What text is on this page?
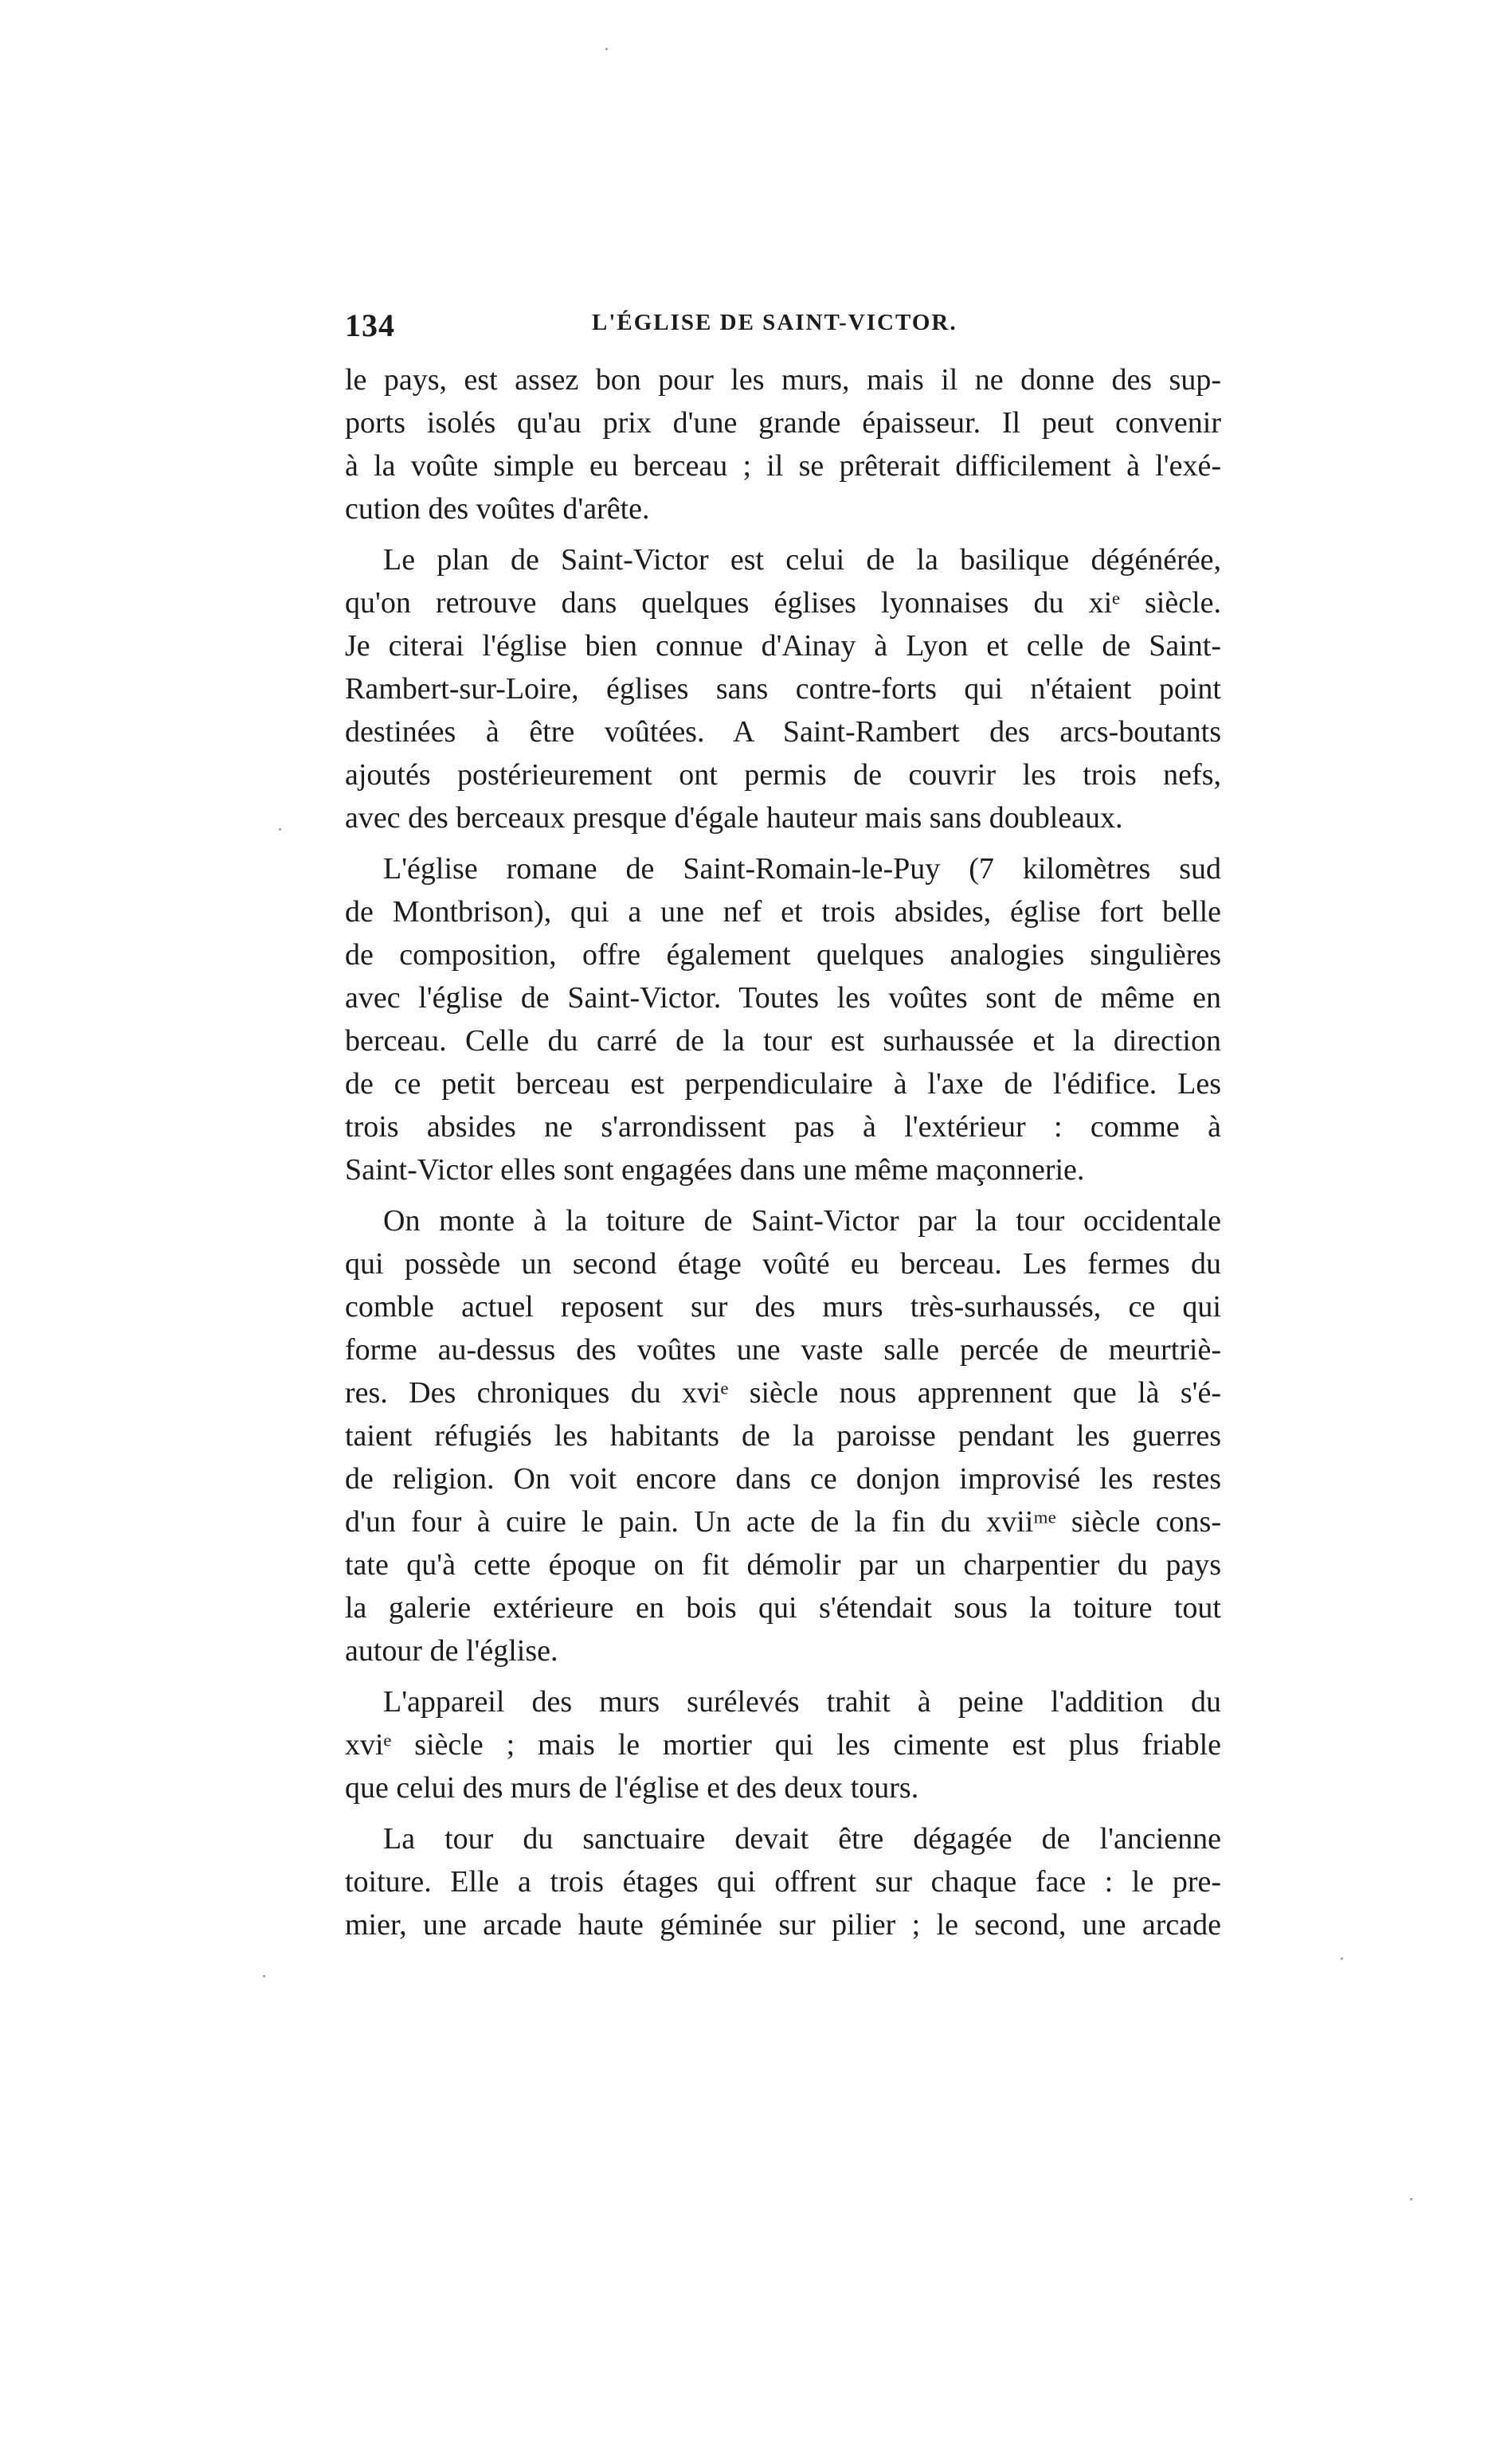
134	L'ÉGLISE DE SAINT-VICTOR.
le pays, est assez bon pour les murs, mais il ne donne des sup-
ports isolés qu'au prix d'une grande épaisseur. Il peut convenir
à la voûte simple eu berceau ; il se prêterait difficilement à l'exé-
cution des voûtes d'arête.
Le plan de Saint-Victor est celui de la basilique dégénérée,
qu'on retrouve dans quelques églises lyonnaises du xiᵉ siècle.
Je citerai l'église bien connue d'Ainay à Lyon et celle de Saint-
Rambert-sur-Loire, églises sans contre-forts qui n'étaient point
destinées à être voûtées. A Saint-Rambert des arcs-boutants
ajoutés postérieurement ont permis de couvrir les trois nefs,
avec des berceaux presque d'égale hauteur mais sans doubleaux.
L'église romane de Saint-Romain-le-Puy (7 kilomètres sud
de Montbrison), qui a une nef et trois absides, église fort belle
de composition, offre également quelques analogies singulières
avec l'église de Saint-Victor. Toutes les voûtes sont de même en
berceau. Celle du carré de la tour est surhaussée et la direction
de ce petit berceau est perpendiculaire à l'axe de l'édifice. Les
trois absides ne s'arrondissent pas à l'extérieur : comme à
Saint-Victor elles sont engagées dans une même maçonnerie.
On monte à la toiture de Saint-Victor par la tour occidentale
qui possède un second étage voûté eu berceau. Les fermes du
comble actuel reposent sur des murs très-surhaussés, ce qui
forme au-dessus des voûtes une vaste salle percée de meurtriè-
res. Des chroniques du xviᵉ siècle nous apprennent que là s'é-
taient réfugiés les habitants de la paroisse pendant les guerres
de religion. On voit encore dans ce donjon improvisé les restes
d'un four à cuire le pain. Un acte de la fin du xviiᵐᵉ siècle cons-
tate qu'à cette époque on fit démolir par un charpentier du pays
la galerie extérieure en bois qui s'étendait sous la toiture tout
autour de l'église.
L'appareil des murs surélevés trahit à peine l'addition du
xviᵉ siècle ; mais le mortier qui les cimente est plus friable
que celui des murs de l'église et des deux tours.
La tour du sanctuaire devait être dégagée de l'ancienne
toiture. Elle a trois étages qui offrent sur chaque face : le pre-
mier, une arcade haute géminée sur pilier ; le second, une arcade
